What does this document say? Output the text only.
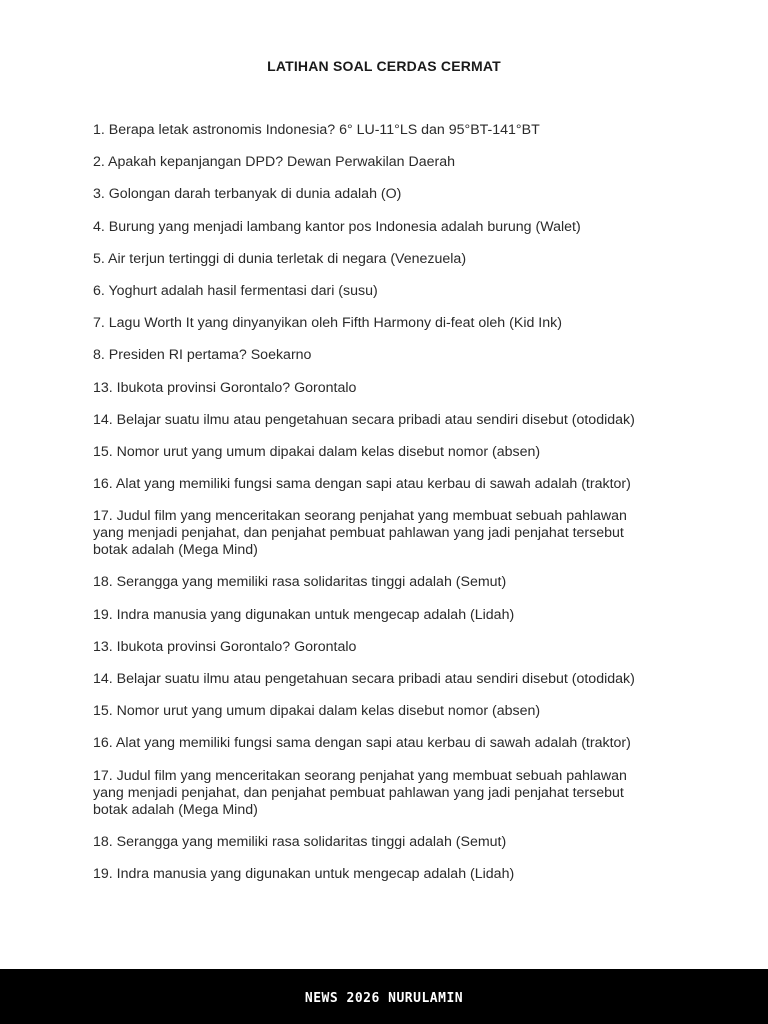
LATIHAN SOAL CERDAS CERMAT
1. Berapa letak astronomis Indonesia? 6° LU-11°LS dan 95°BT-141°BT
2. Apakah kepanjangan DPD? Dewan Perwakilan Daerah
3. Golongan darah terbanyak di dunia adalah (O)
4. Burung yang menjadi lambang kantor pos Indonesia adalah burung (Walet)
5. Air terjun tertinggi di dunia terletak di negara (Venezuela)
6. Yoghurt adalah hasil fermentasi dari (susu)
7. Lagu Worth It yang dinyanyikan oleh Fifth Harmony di-feat oleh (Kid Ink)
8. Presiden RI pertama? Soekarno
13. Ibukota provinsi Gorontalo? Gorontalo
14. Belajar suatu ilmu atau pengetahuan secara pribadi atau sendiri disebut (otodidak)
15. Nomor urut yang umum dipakai dalam kelas disebut nomor (absen)
16. Alat yang memiliki fungsi sama dengan sapi atau kerbau di sawah adalah (traktor)
17. Judul film yang menceritakan seorang penjahat yang membuat sebuah pahlawan yang menjadi penjahat, dan penjahat pembuat pahlawan yang jadi penjahat tersebut botak adalah (Mega Mind)
18. Serangga yang memiliki rasa solidaritas tinggi adalah (Semut)
19. Indra manusia yang digunakan untuk mengecap adalah (Lidah)
13. Ibukota provinsi Gorontalo? Gorontalo
14. Belajar suatu ilmu atau pengetahuan secara pribadi atau sendiri disebut (otodidak)
15. Nomor urut yang umum dipakai dalam kelas disebut nomor (absen)
16. Alat yang memiliki fungsi sama dengan sapi atau kerbau di sawah adalah (traktor)
17. Judul film yang menceritakan seorang penjahat yang membuat sebuah pahlawan yang menjadi penjahat, dan penjahat pembuat pahlawan yang jadi penjahat tersebut botak adalah (Mega Mind)
18. Serangga yang memiliki rasa solidaritas tinggi adalah (Semut)
19. Indra manusia yang digunakan untuk mengecap adalah (Lidah)
NEWS 2026 NURULAMIN
